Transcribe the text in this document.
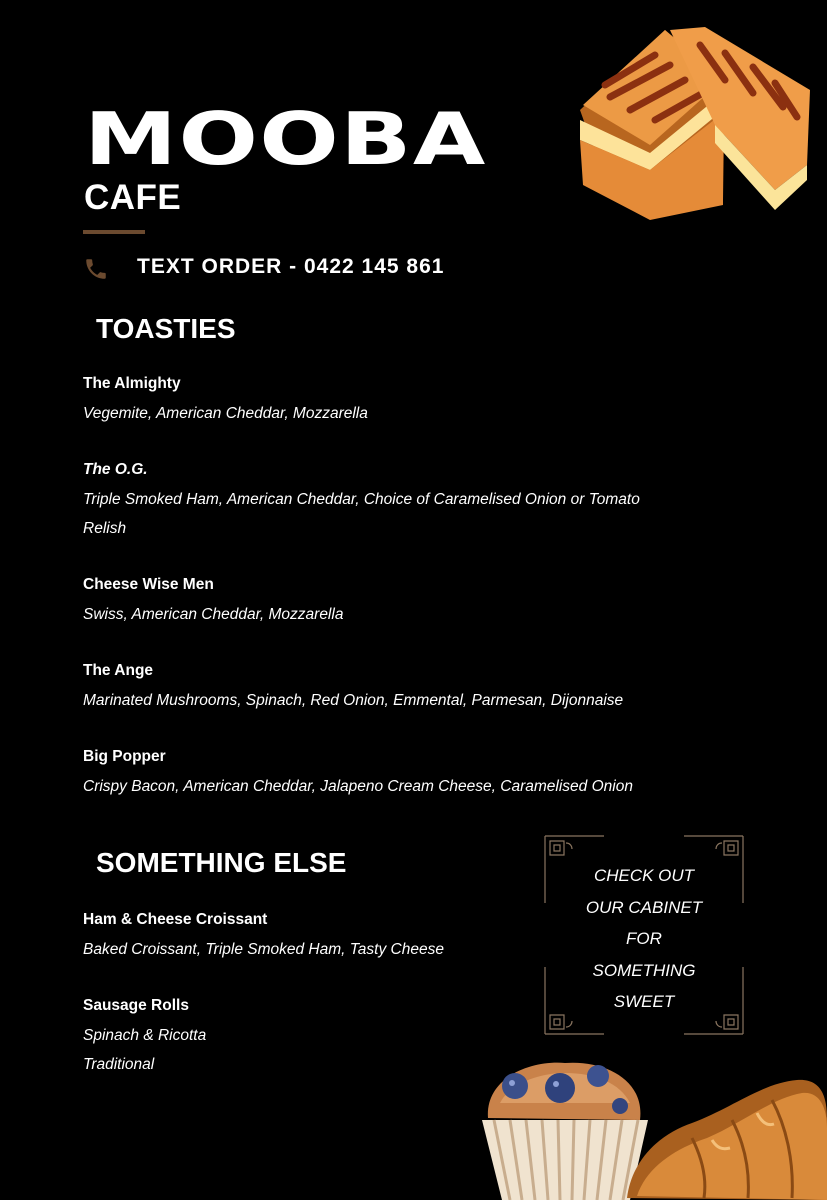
MOOBA
CAFE
TEXT ORDER - 0422 145 861
TOASTIES
The Almighty
Vegemite, American Cheddar, Mozzarella
The O.G.
Triple Smoked Ham, American Cheddar, Choice of Caramelised Onion or Tomato
Relish
Cheese Wise Men
Swiss, American Cheddar, Mozzarella
The Ange
Marinated Mushrooms, Spinach, Red Onion, Emmental, Parmesan, Dijonnaise
Big Popper
Crispy Bacon, American Cheddar, Jalapeno Cream Cheese, Caramelised Onion
SOMETHING ELSE
Ham & Cheese Croissant
Baked Croissant, Triple Smoked Ham, Tasty Cheese
Sausage Rolls
Spinach & Ricotta
Traditional
CHECK OUT
OUR CABINET
FOR
SOMETHING
SWEET
